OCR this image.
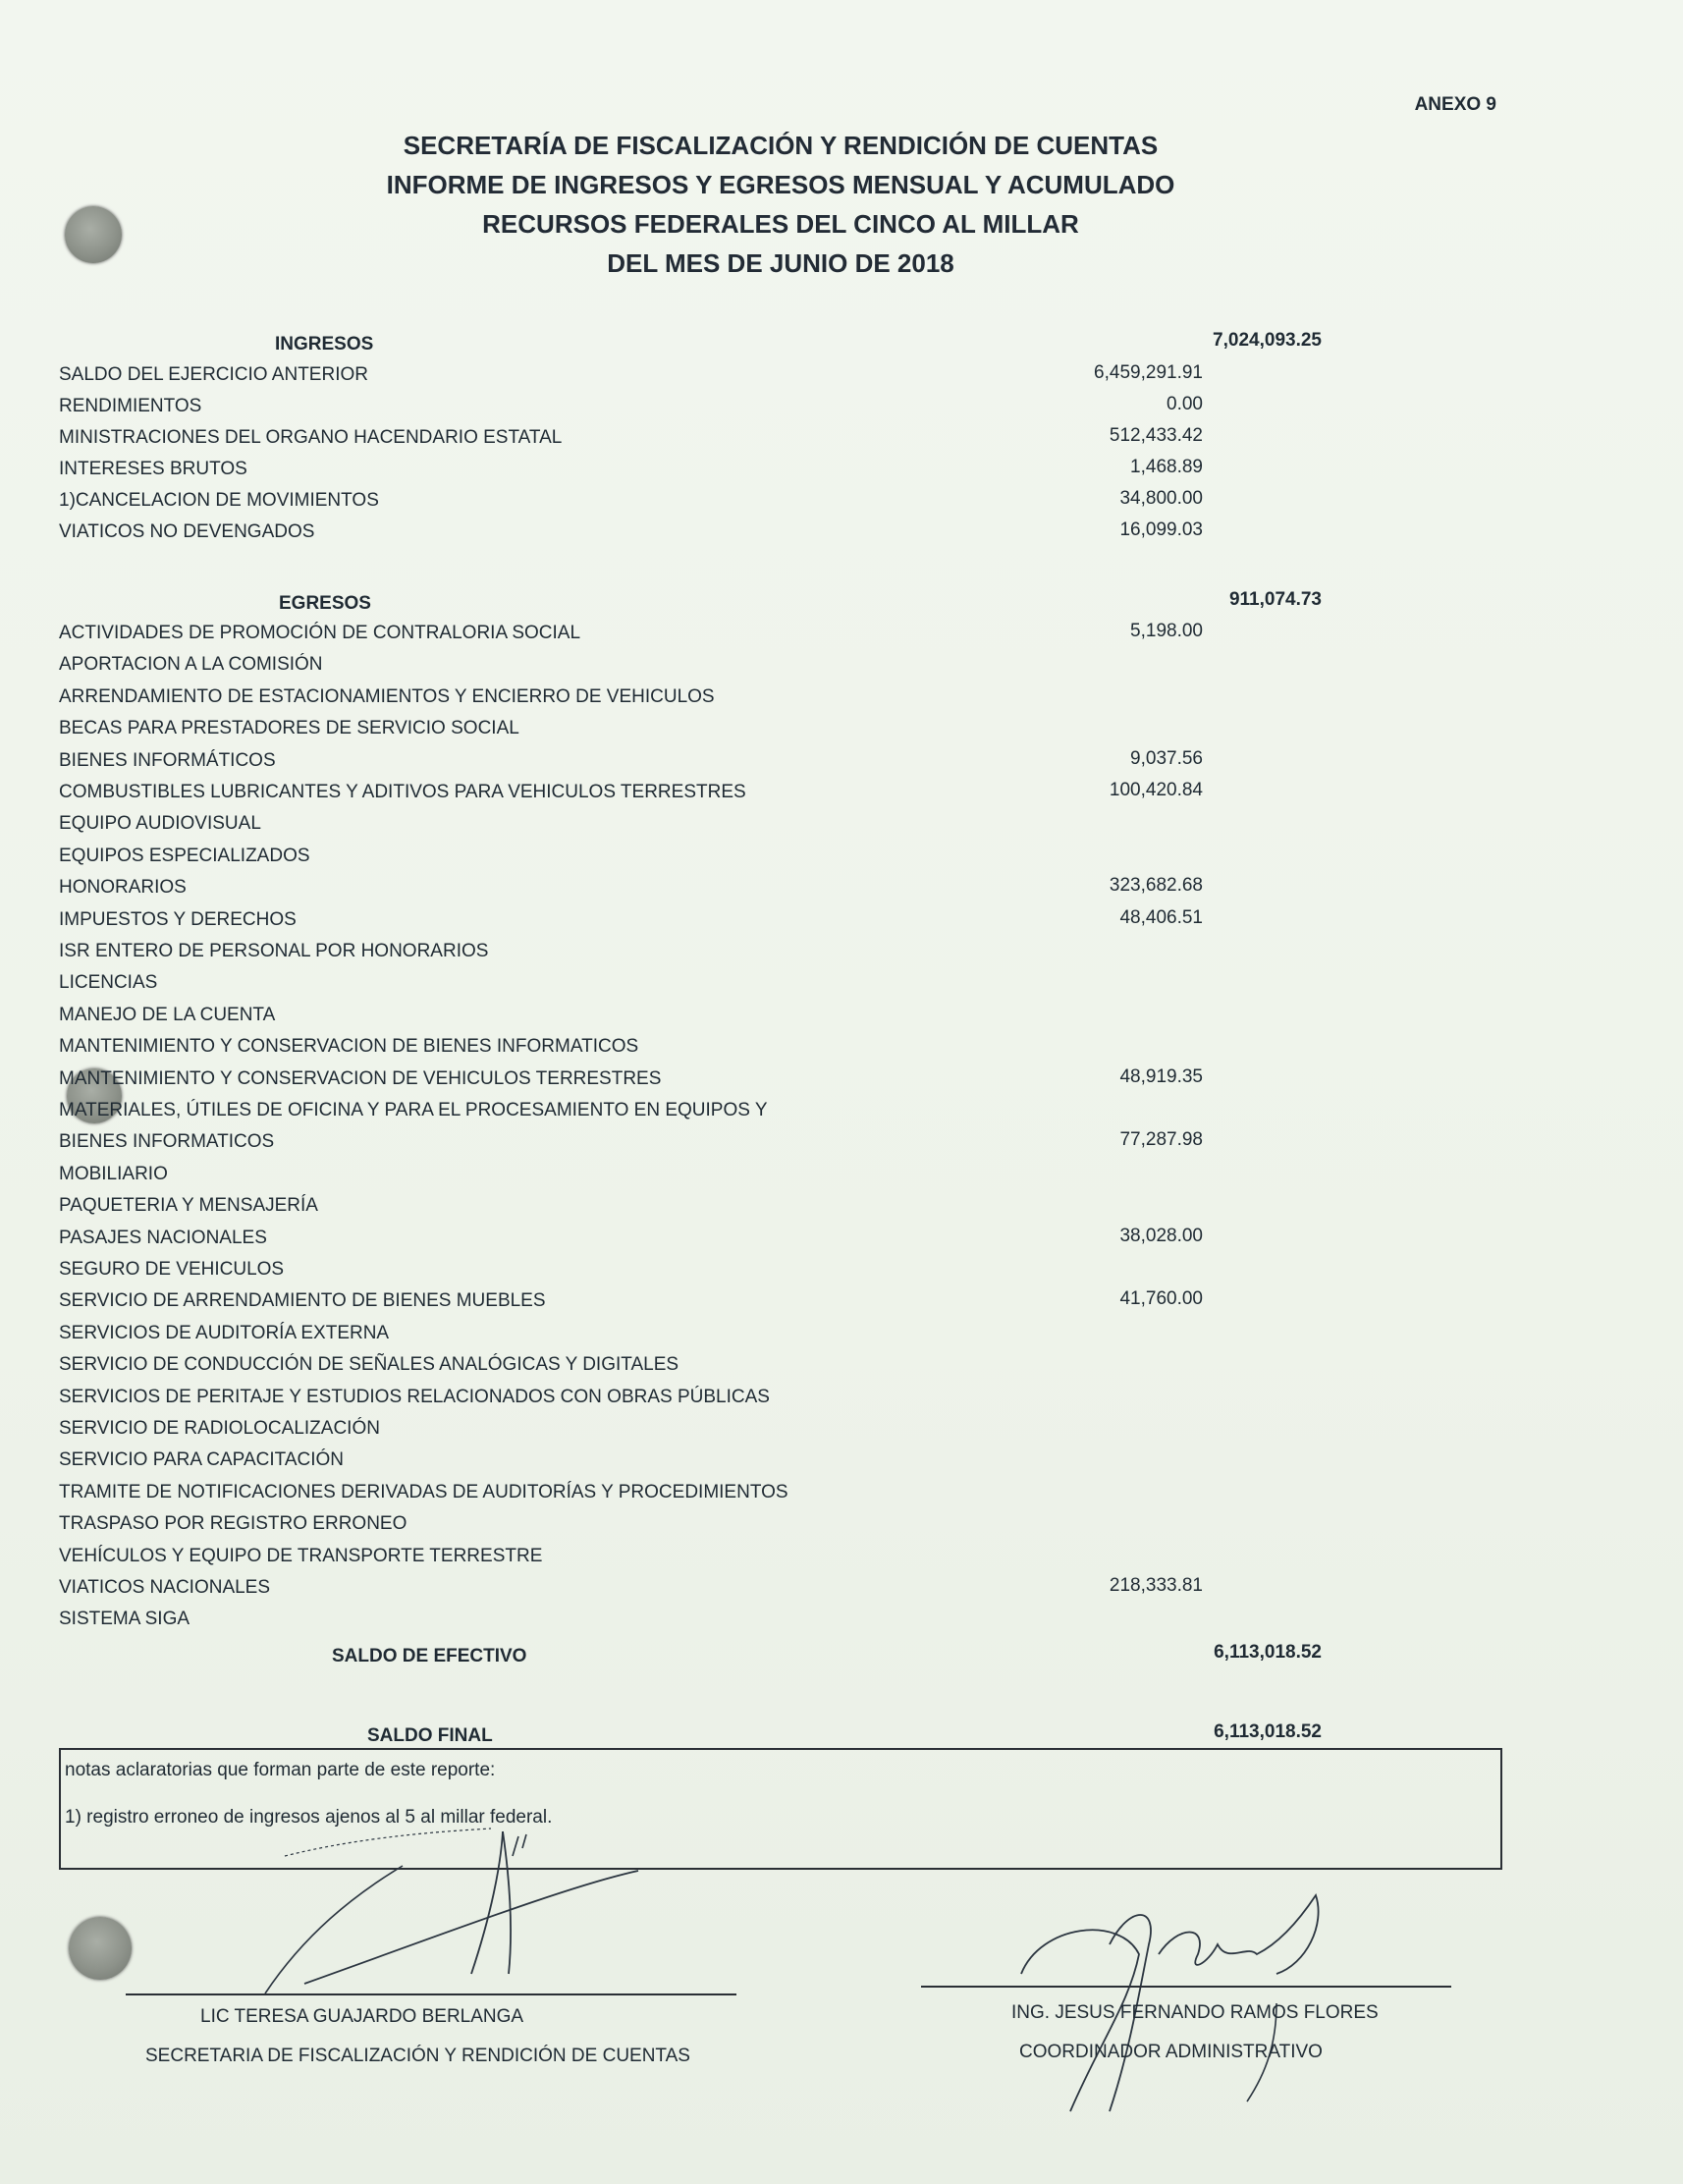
ANEXO 9
SECRETARÍA DE FISCALIZACIÓN Y RENDICIÓN DE CUENTAS
INFORME DE INGRESOS Y EGRESOS MENSUAL Y ACUMULADO
RECURSOS FEDERALES DEL CINCO AL MILLAR
DEL MES DE JUNIO DE 2018
INGRESOS	7,024,093.25
SALDO DEL EJERCICIO ANTERIOR	6,459,291.91
RENDIMIENTOS	0.00
MINISTRACIONES DEL ORGANO HACENDARIO ESTATAL	512,433.42
INTERESES BRUTOS	1,468.89
1)CANCELACION DE MOVIMIENTOS	34,800.00
VIATICOS NO DEVENGADOS	16,099.03
EGRESOS	911,074.73
ACTIVIDADES DE PROMOCIÓN DE CONTRALORIA SOCIAL	5,198.00
APORTACION A LA COMISIÓN
ARRENDAMIENTO DE ESTACIONAMIENTOS Y ENCIERRO DE VEHICULOS
BECAS PARA PRESTADORES DE SERVICIO SOCIAL
BIENES INFORMÁTICOS	9,037.56
COMBUSTIBLES LUBRICANTES Y ADITIVOS PARA VEHICULOS TERRESTRES	100,420.84
EQUIPO AUDIOVISUAL
EQUIPOS ESPECIALIZADOS
HONORARIOS	323,682.68
IMPUESTOS Y DERECHOS	48,406.51
ISR ENTERO DE PERSONAL POR HONORARIOS
LICENCIAS
MANEJO DE LA CUENTA
MANTENIMIENTO Y CONSERVACION DE BIENES INFORMATICOS
MANTENIMIENTO Y CONSERVACION DE VEHICULOS TERRESTRES	48,919.35
MATERIALES, ÚTILES DE OFICINA Y PARA EL PROCESAMIENTO EN EQUIPOS Y
BIENES INFORMATICOS	77,287.98
MOBILIARIO
PAQUETERIA Y MENSAJERÍA
PASAJES NACIONALES	38,028.00
SEGURO DE VEHICULOS
SERVICIO DE ARRENDAMIENTO DE BIENES MUEBLES	41,760.00
SERVICIOS DE AUDITORÍA EXTERNA
SERVICIO DE CONDUCCIÓN DE SEÑALES ANALÓGICAS Y DIGITALES
SERVICIOS DE PERITAJE Y ESTUDIOS RELACIONADOS CON OBRAS PÚBLICAS
SERVICIO DE RADIOLOCALIZACIÓN
SERVICIO PARA CAPACITACIÓN
TRAMITE DE NOTIFICACIONES DERIVADAS DE AUDITORÍAS Y PROCEDIMIENTOS
TRASPASO POR REGISTRO ERRONEO
VEHÍCULOS Y EQUIPO DE TRANSPORTE TERRESTRE
VIATICOS NACIONALES	218,333.81
SISTEMA SIGA
SALDO DE EFECTIVO	6,113,018.52
SALDO FINAL	6,113,018.52
notas aclaratorias que forman parte de este reporte:
1) registro erroneo de ingresos ajenos al 5 al millar federal.
LIC TERESA GUAJARDO BERLANGA
SECRETARIA DE FISCALIZACIÓN Y RENDICIÓN DE CUENTAS
ING. JESUS FERNANDO RAMOS FLORES
COORDINADOR ADMINISTRATIVO
